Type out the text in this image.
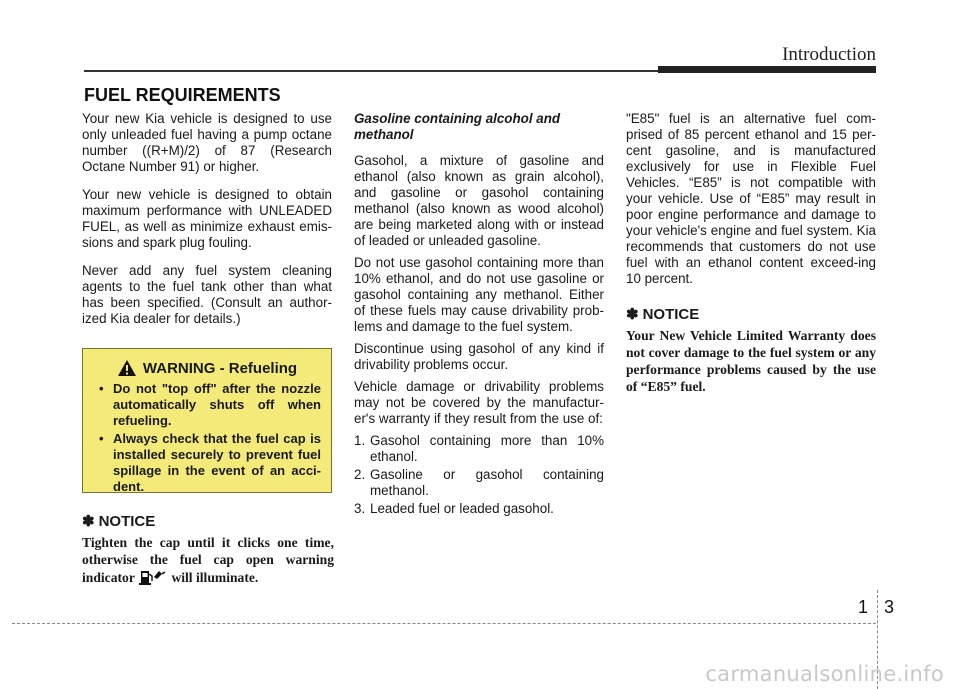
Introduction
FUEL REQUIREMENTS

Your new Kia vehicle is designed to use only unleaded fuel having a pump octane number ((R+M)/2) of 87 (Research Octane Number 91) or higher.

Your new vehicle is designed to obtain maximum performance with UNLEADED FUEL, as well as minimize exhaust emis-sions and spark plug fouling.

Never add any fuel system cleaning agents to the fuel tank other than what has been specified. (Consult an author-ized Kia dealer for details.)

WARNING - Refueling
• Do not "top off" after the nozzle automatically shuts off when refueling.
• Always check that the fuel cap is installed securely to prevent fuel spillage in the event of an acci-dent.
✽ NOTICE

Tighten the cap until it clicks one time, otherwise the fuel cap open warning indicator	will illuminate.

Gasoline containing alcohol and methanol

Gasohol, a mixture of gasoline and ethanol (also known as grain alcohol), and gasoline or gasohol containing methanol (also known as wood alcohol) are being marketed along with or instead of leaded or unleaded gasoline.

Do not use gasohol containing more than 10% ethanol, and do not use gasoline or gasohol containing any methanol. Either of these fuels may cause drivability prob-lems and damage to the fuel system.

Discontinue using gasohol of any kind if drivability problems occur.

Vehicle damage or drivability problems may not be covered by the manufactur-er's warranty if they result from the use of:

1. Gasohol containing more than 10% ethanol.
2. Gasoline or gasohol containing methanol.
3. Leaded fuel or leaded gasohol.

"E85" fuel is an alternative fuel com-prised of 85 percent ethanol and 15 per-cent gasoline, and is manufactured exclusively for use in Flexible Fuel Vehicles. “E85” is not compatible with your vehicle. Use of “E85” may result in poor engine performance and damage to your vehicle's engine and fuel system. Kia recommends that customers do not use fuel with an ethanol content exceed-ing 10 percent.

✽ NOTICE

Your New Vehicle Limited Warranty does not cover damage to the fuel system or any performance problems caused by the use of “E85” fuel.

1 3
carmanualsonline.info
